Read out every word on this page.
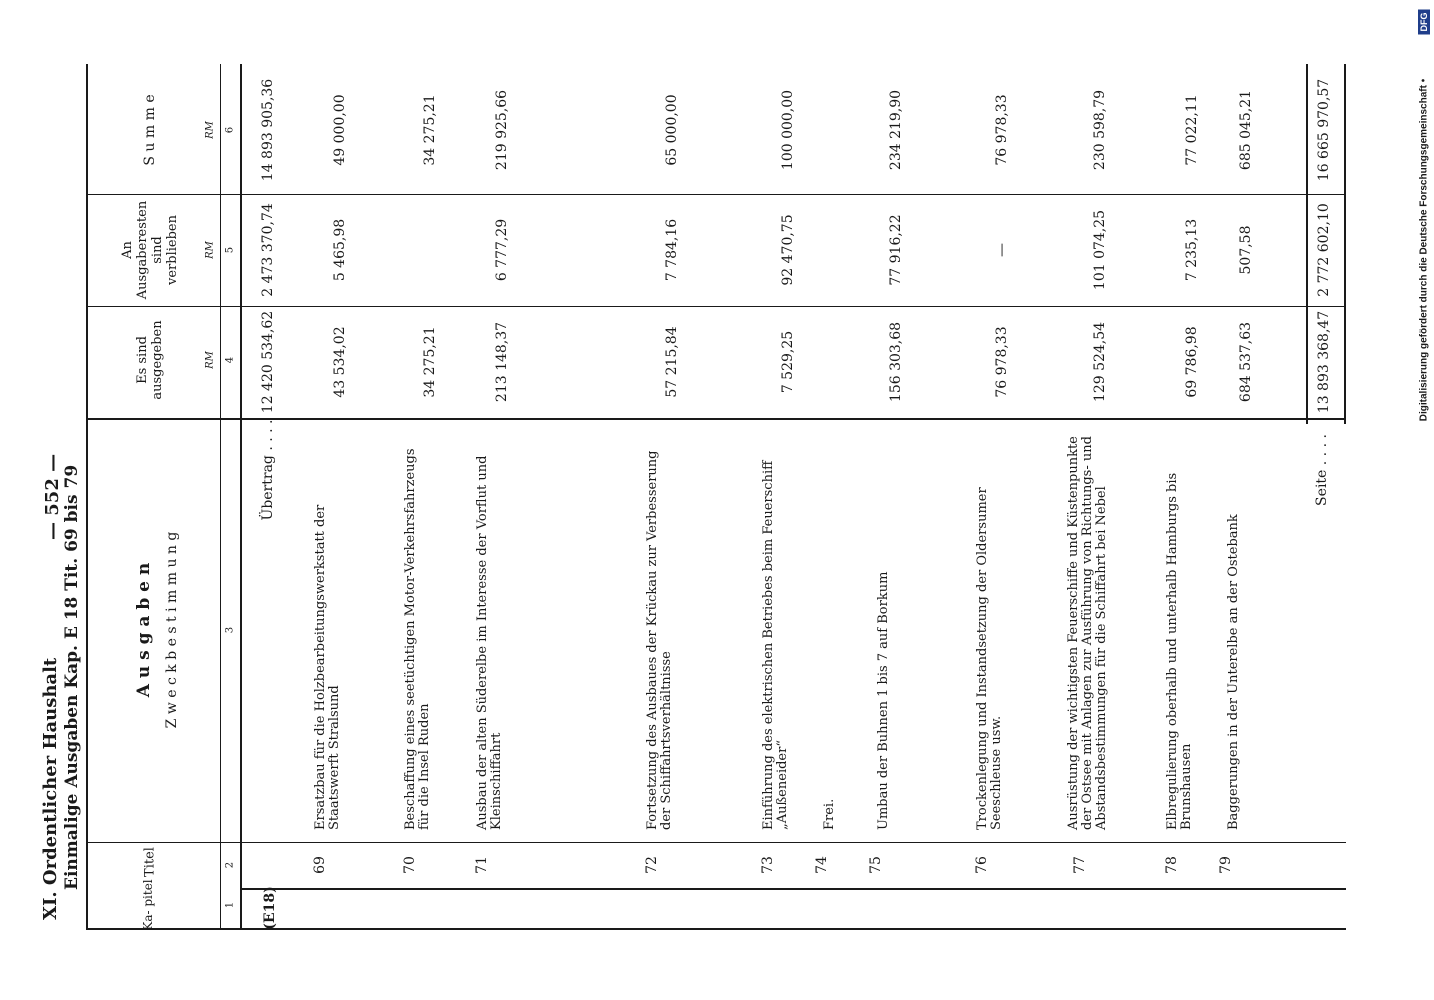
XI. Ordentlicher Haushalt Einmalige Ausgaben Kap. E 18 Tit. 69 bis 79
— 552 —
Ka- pitel
Titel
A u s g a b e n Z w e c k b e s t i m m u n g
Es sind ausgegeben
An Ausgaberesten sind verblieben
S u m m e
RM
RM
RM
1
2
3
4
5
6
(E18)
Übertrag . . . .
12 420 534,62
2 473 370,74
14 893 905,36
69
Ersatzbau für die Holzbearbeitungswerkstatt der Staatswerft Stralsund
43 534,02
5 465,98
49 000,00
70
Beschaffung eines seetüchtigen Motor-Verkehrsfahrzeugs für die Insel Ruden
34 275,21
34 275,21
71
Ausbau der alten Süderelbe im Interesse der Vorflut und Kleinschiffahrt
213 148,37
6 777,29
219 925,66
72
Fortsetzung des Ausbaues der Krückau zur Verbesserung der Schiffahrtsverhältnisse
57 215,84
7 784,16
65 000,00
73
Einführung des elektrischen Betriebes beim Feuerschiff „Außeneider“
7 529,25
92 470,75
100 000,00
74
Frei.
75
Umbau der Buhnen 1 bis 7 auf Borkum
156 303,68
77 916,22
234 219,90
76
Trockenlegung und Instandsetzung der Oldersumer Seeschleuse usw.
76 978,33
—
76 978,33
77
Ausrüstung der wichtigsten Feuerschiffe und Küstenpunkte der Ostsee mit Anlagen zur Ausführung von Richtungs- und Abstandsbestimmungen für die Schiffahrt bei Nebel
129 524,54
101 074,25
230 598,79
78
Elbregulierung oberhalb und unterhalb Hamburgs bis Brunshausen
69 786,98
7 235,13
77 022,11
79
Baggerungen in der Unterelbe an der Ostebank
684 537,63
507,58
685 045,21
Seite . . . .
13 893 368,47
2 772 602,10
16 665 970,57	Digitalisierung gefördert durch die Deutsche Forschungsgemeinschaft •
DFG
